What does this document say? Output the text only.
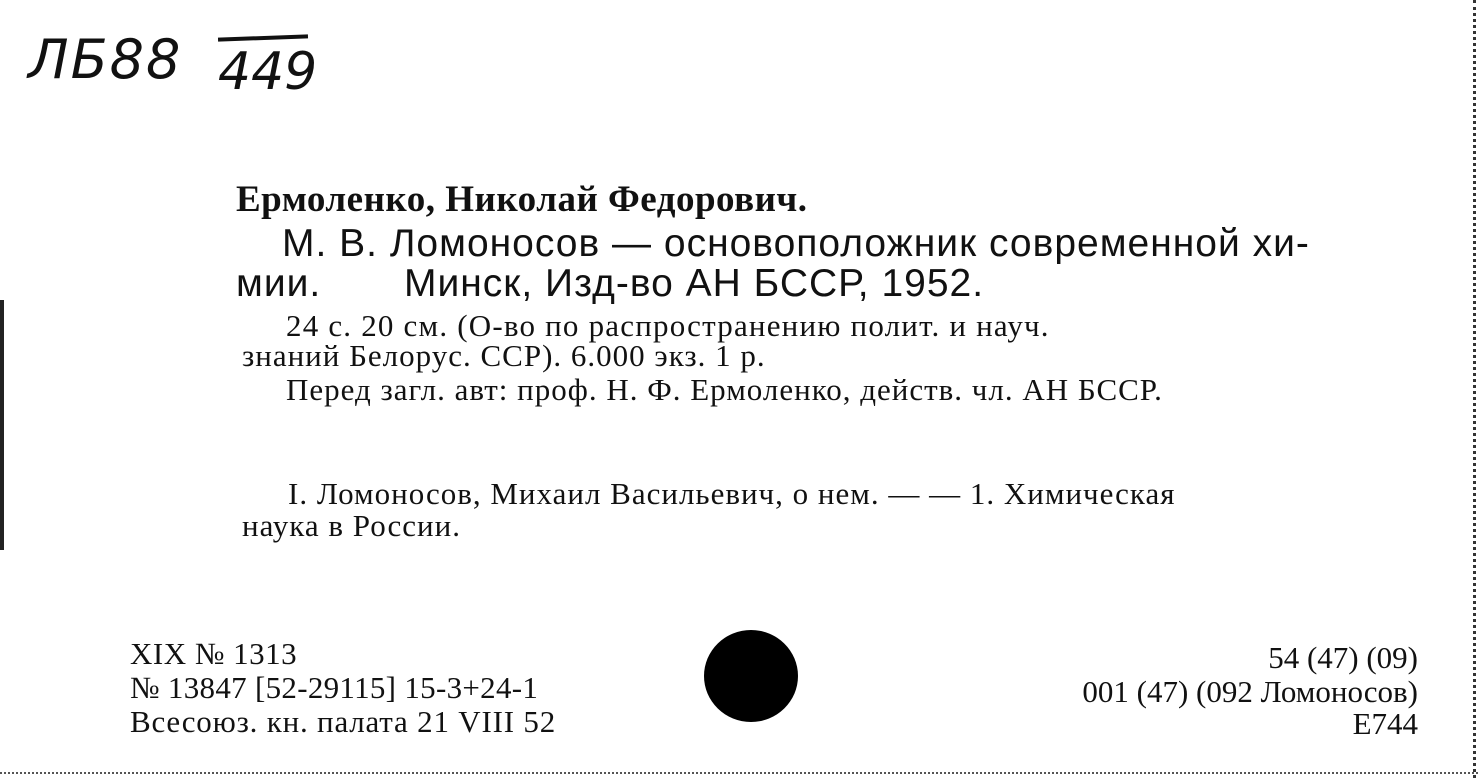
ЛБ88 449
Ермоленко, Николай Федорович.
М. В. Ломоносов — основоположник современной хи-
мии. Минск, Изд-во АН БССР, 1952.
24 с. 20 см. (О-во по распространению полит. и науч.
знаний Белорус. ССР). 6.000 экз. 1 р.
Перед загл. авт: проф. Н. Ф. Ермоленко, действ. чл. АН БССР.
I. Ломоносов, Михаил Васильевич, о нем. — — 1. Химическая
наука в России.
XIX № 1313
№ 13847 [52-29115] 15-3+24-1
Всесоюз. кн. палата 21 VIII 52
54 (47) (09)
001 (47) (092 Ломоносов)
Е744
